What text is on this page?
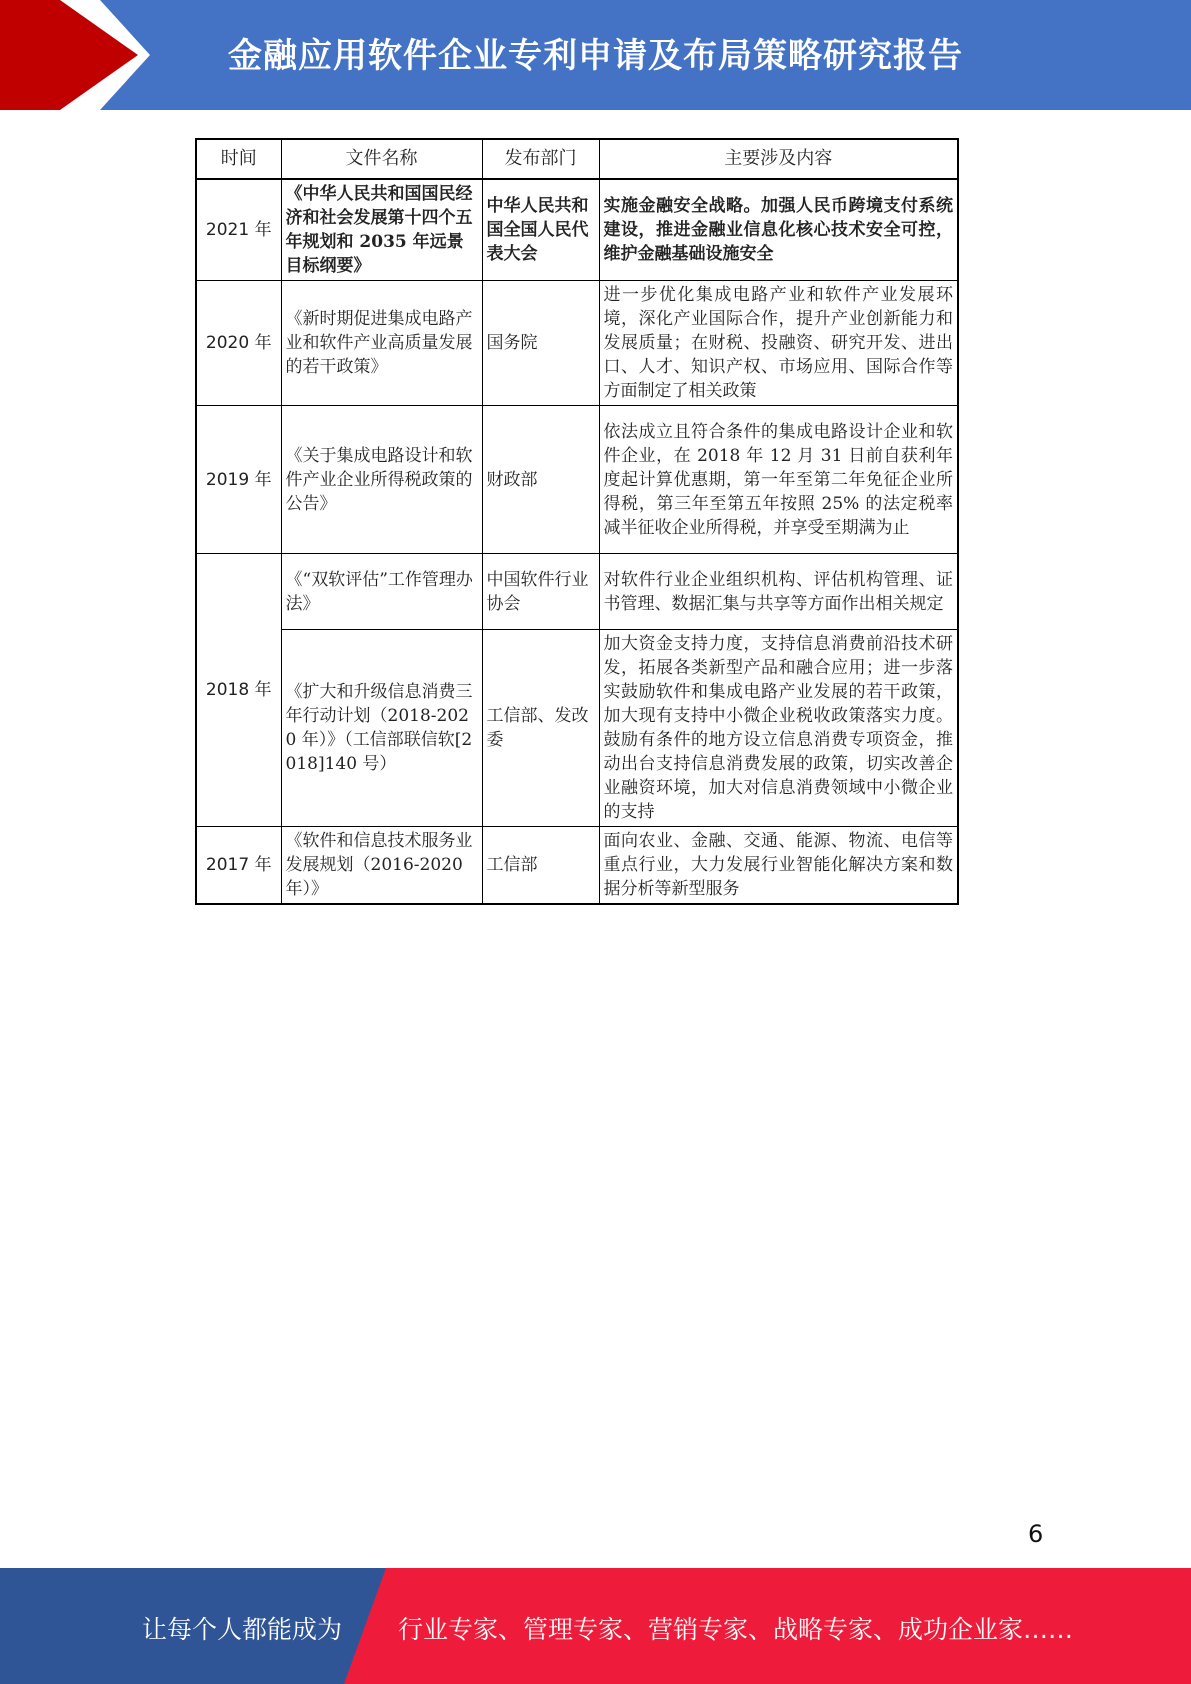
金融应用软件企业专利申请及布局策略研究报告
时间	文件名称	发布部门	主要涉及内容
2021 年	《中华人民共和国国民经济和社会发展第十四个五年规划和 2035 年远景目标纲要》	中华人民共和国全国人民代表大会	实施金融安全战略。加强人民币跨境支付系统建设，推进金融业信息化核心技术安全可控，维护金融基础设施安全
2020 年	《新时期促进集成电路产业和软件产业高质量发展的若干政策》	国务院	进一步优化集成电路产业和软件产业发展环境，深化产业国际合作，提升产业创新能力和发展质量；在财税、投融资、研究开发、进出口、人才、知识产权、市场应用、国际合作等方面制定了相关政策
2019 年	《关于集成电路设计和软件产业企业所得税政策的公告》	财政部	依法成立且符合条件的集成电路设计企业和软件企业，在 2018 年 12 月 31 日前自获利年度起计算优惠期，第一年至第二年免征企业所得税，第三年至第五年按照 25% 的法定税率减半征收企业所得税，并享受至期满为止
2018 年	《“双软评估”工作管理办法》	中国软件行业协会	对软件行业企业组织机构、评估机构管理、证书管理、数据汇集与共享等方面作出相关规定
	《扩大和升级信息消费三年行动计划（2018-2020 年）》（工信部联信软[2018]140 号）	工信部、发改委	加大资金支持力度，支持信息消费前沿技术研发，拓展各类新型产品和融合应用；进一步落实鼓励软件和集成电路产业发展的若干政策，加大现有支持中小微企业税收政策落实力度。鼓励有条件的地方设立信息消费专项资金，推动出台支持信息消费发展的政策，切实改善企业融资环境，加大对信息消费领域中小微企业的支持
2017 年	《软件和信息技术服务业发展规划（2016-2020 年）》	工信部	面向农业、金融、交通、能源、物流、电信等重点行业，大力发展行业智能化解决方案和数据分析等新型服务
6
让每个人都能成为 行业专家、管理专家、营销专家、战略专家、成功企业家……
